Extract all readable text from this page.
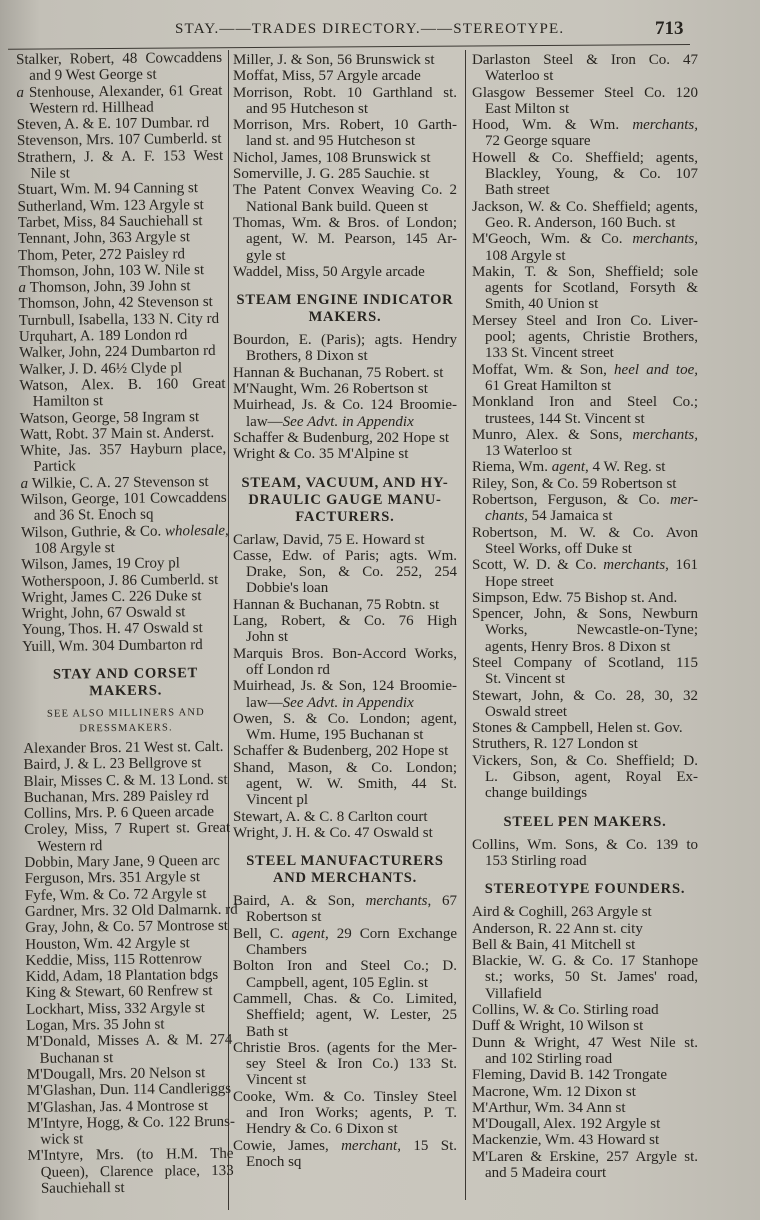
STAY.——TRADES DIRECTORY.——STEREOTYPE.	713
Stalker, Robert, 48 Cowcaddens
and 9 West George st
a Stenhouse, Alexander, 61 Great
Western rd. Hillhead
Steven, A. & E. 107 Dumbar. rd
Stevenson, Mrs. 107 Cumberld. st
Strathern, J. & A. F. 153 West
Nile st
Stuart, Wm. M. 94 Canning st
Sutherland, Wm. 123 Argyle st
Tarbet, Miss, 84 Sauchiehall st
Tennant, John, 363 Argyle st
Thom, Peter, 272 Paisley rd
Thomson, John, 103 W. Nile st
a Thomson, John, 39 John st
Thomson, John, 42 Stevenson st
Turnbull, Isabella, 133 N. City rd
Urquhart, A. 189 London rd
Walker, John, 224 Dumbarton rd
Walker, J. D. 46½ Clyde pl
Watson, Alex. B. 160 Great
Hamilton st
Watson, George, 58 Ingram st
Watt, Robt. 37 Main st. Anderst.
White, Jas. 357 Hayburn place,
Partick
a Wilkie, C. A. 27 Stevenson st
Wilson, George, 101 Cowcaddens
and 36 St. Enoch sq
Wilson, Guthrie, & Co. wholesale,
108 Argyle st
Wilson, James, 19 Croy pl
Wotherspoon, J. 86 Cumberld. st
Wright, James C. 226 Duke st
Wright, John, 67 Oswald st
Young, Thos. H. 47 Oswald st
Yuill, Wm. 304 Dumbarton rd
STAY AND CORSET MAKERS.
SEE ALSO MILLINERS AND
DRESSMAKERS.
Alexander Bros. 21 West st. Calt.
Baird, J. & L. 23 Bellgrove st
Blair, Misses C. & M. 13 Lond. st
Buchanan, Mrs. 289 Paisley rd
Collins, Mrs. P. 6 Queen arcade
Croley, Miss, 7 Rupert st. Great
Western rd
Dobbin, Mary Jane, 9 Queen arc
Ferguson, Mrs. 351 Argyle st
Fyfe, Wm. & Co. 72 Argyle st
Gardner, Mrs. 32 Old Dalmarnk. rd
Gray, John, & Co. 57 Montrose st
Houston, Wm. 42 Argyle st
Keddie, Miss, 115 Rottenrow
Kidd, Adam, 18 Plantation bdgs
King & Stewart, 60 Renfrew st
Lockhart, Miss, 332 Argyle st
Logan, Mrs. 35 John st
M'Donald, Misses A. & M. 274
Buchanan st
M'Dougall, Mrs. 20 Nelson st
M'Glashan, Dun. 114 Candleriggs
M'Glashan, Jas. 4 Montrose st
M'Intyre, Hogg, & Co. 122 Bruns-
wick st
M'Intyre, Mrs. (to H.M. The
Queen), Clarence place, 133
Sauchiehall st
Miller, J. & Son, 56 Brunswick st
Moffat, Miss, 57 Argyle arcade
Morrison, Robt. 10 Garthland st.
and 95 Hutcheson st
Morrison, Mrs. Robert, 10 Garth-
land st. and 95 Hutcheson st
Nichol, James, 108 Brunswick st
Somerville, J. G. 285 Sauchie. st
The Patent Convex Weaving Co. 2
National Bank build. Queen st
Thomas, Wm. & Bros. of London;
agent, W. M. Pearson, 145 Ar-
gyle st
Waddel, Miss, 50 Argyle arcade
STEAM ENGINE INDICATOR
MAKERS.
Bourdon, E. (Paris); agts. Hendry
Brothers, 8 Dixon st
Hannan & Buchanan, 75 Robert. st
M'Naught, Wm. 26 Robertson st
Muirhead, Js. & Co. 124 Broomie-
law—See Advt. in Appendix
Schaffer & Budenburg, 202 Hope st
Wright & Co. 35 M'Alpine st
STEAM, VACUUM, AND HY-
DRAULIC GAUGE MANU-
FACTURERS.
Carlaw, David, 75 E. Howard st
Casse, Edw. of Paris; agts. Wm.
Drake, Son, & Co. 252, 254
Dobbie's loan
Hannan & Buchanan, 75 Robtn. st
Lang, Robert, & Co. 76 High
John st
Marquis Bros. Bon-Accord Works,
off London rd
Muirhead, Js. & Son, 124 Broomie-
law—See Advt. in Appendix
Owen, S. & Co. London; agent,
Wm. Hume, 195 Buchanan st
Schaffer & Budenberg, 202 Hope st
Shand, Mason, & Co. London;
agent, W. W. Smith, 44 St.
Vincent pl
Stewart, A. & C. 8 Carlton court
Wright, J. H. & Co. 47 Oswald st
STEEL MANUFACTURERS
AND MERCHANTS.
Baird, A. & Son, merchants, 67
Robertson st
Bell, C. agent, 29 Corn Exchange
Chambers
Bolton Iron and Steel Co.; D.
Campbell, agent, 105 Eglin. st
Cammell, Chas. & Co. Limited,
Sheffield; agent, W. Lester, 25
Bath st
Christie Bros. (agents for the Mer-
sey Steel & Iron Co.) 133 St.
Vincent st
Cooke, Wm. & Co. Tinsley Steel
and Iron Works; agents, P. T.
Hendry & Co. 6 Dixon st
Cowie, James, merchant, 15 St.
Enoch sq
Darlaston Steel & Iron Co. 47
Waterloo st
Glasgow Bessemer Steel Co. 120
East Milton st
Hood, Wm. & Wm. merchants,
72 George square
Howell & Co. Sheffield; agents,
Blackley, Young, & Co. 107
Bath street
Jackson, W. & Co. Sheffield; agents,
Geo. R. Anderson, 160 Buch. st
M'Geoch, Wm. & Co. merchants,
108 Argyle st
Makin, T. & Son, Sheffield; sole
agents for Scotland, Forsyth &
Smith, 40 Union st
Mersey Steel and Iron Co. Liver-
pool; agents, Christie Brothers,
133 St. Vincent street
Moffat, Wm. & Son, heel and toe,
61 Great Hamilton st
Monkland Iron and Steel Co.;
trustees, 144 St. Vincent st
Munro, Alex. & Sons, merchants,
13 Waterloo st
Riema, Wm. agent, 4 W. Reg. st
Riley, Son, & Co. 59 Robertson st
Robertson, Ferguson, & Co. mer-
chants, 54 Jamaica st
Robertson, M. W. & Co. Avon
Steel Works, off Duke st
Scott, W. D. & Co. merchants, 161
Hope street
Simpson, Edw. 75 Bishop st. And.
Spencer, John, & Sons, Newburn
Works, Newcastle-on-Tyne;
agents, Henry Bros. 8 Dixon st
Steel Company of Scotland, 115
St. Vincent st
Stewart, John, & Co. 28, 30, 32
Oswald street
Stones & Campbell, Helen st. Gov.
Struthers, R. 127 London st
Vickers, Son, & Co. Sheffield; D.
L. Gibson, agent, Royal Ex-
change buildings
STEEL PEN MAKERS.
Collins, Wm. Sons, & Co. 139 to
153 Stirling road
STEREOTYPE FOUNDERS.
Aird & Coghill, 263 Argyle st
Anderson, R. 22 Ann st. city
Bell & Bain, 41 Mitchell st
Blackie, W. G. & Co. 17 Stanhope
st.; works, 50 St. James' road,
Villafield
Collins, W. & Co. Stirling road
Duff & Wright, 10 Wilson st
Dunn & Wright, 47 West Nile st.
and 102 Stirling road
Fleming, David B. 142 Trongate
Macrone, Wm. 12 Dixon st
M'Arthur, Wm. 34 Ann st
M'Dougall, Alex. 192 Argyle st
Mackenzie, Wm. 43 Howard st
M'Laren & Erskine, 257 Argyle st.
and 5 Madeira court
